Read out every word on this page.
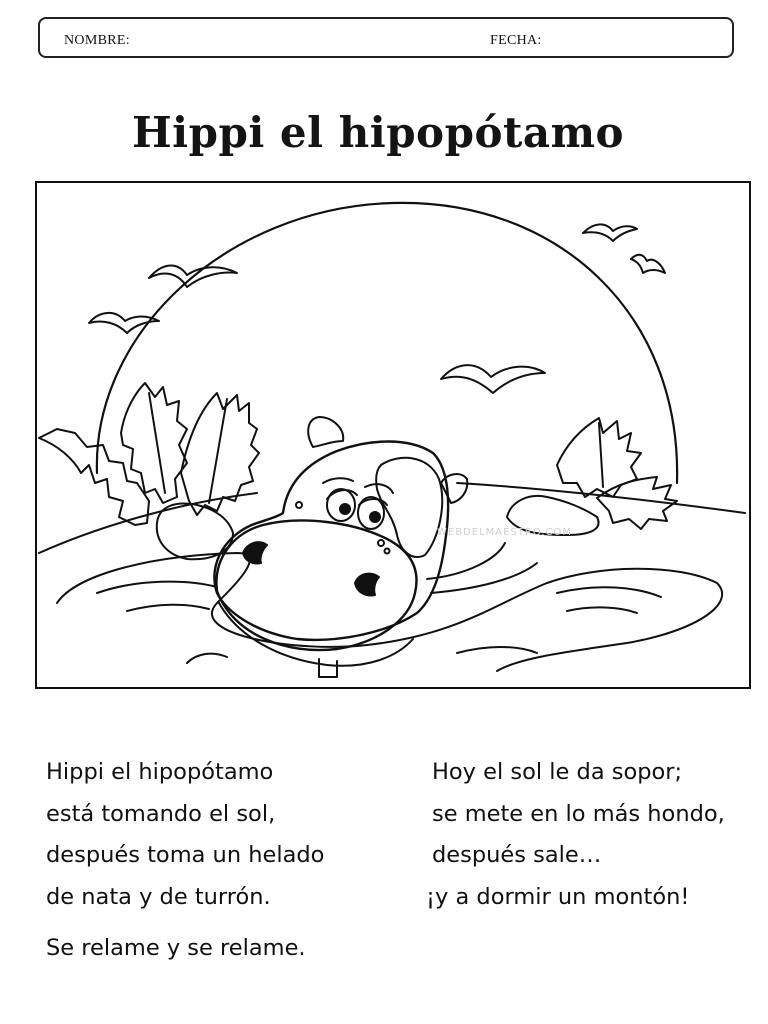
NOMBRE:	FECHA:
Hippi el hipopótamo
WEBDELMAESTRO.COM
Hippi el hipopótamo
está tomando el sol,
después toma un helado
de nata y de turrón.
Hoy el sol le da sopor;
se mete en lo más hondo,
después sale…
¡y a dormir un montón!
Se relame y se relame.
